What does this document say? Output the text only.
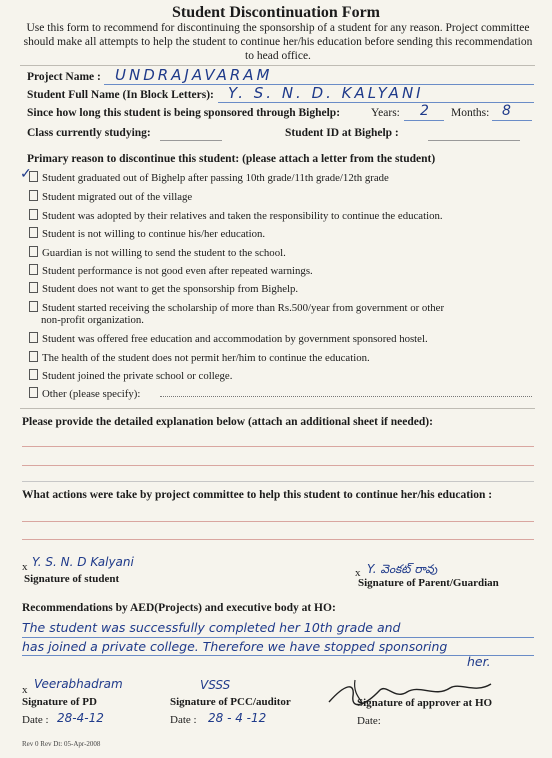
Student Discontinuation Form
Use this form to recommend for discontinuing the sponsorship of a student for any reason. Project committee should make all attempts to help the student to continue her/his education before sending this recommendation to head office.
Project Name : UNDRAJAVARAM
Student Full Name (In Block Letters): Y. S. N. D. KALYANI
Since how long this student is being sponsored through Bighelp:	Years: 2 Months: 8
Class currently studying:	Student ID at Bighelp :
Primary reason to discontinue this student: (please attach a letter from the student)
✓ Student graduated out of Bighelp after passing 10th grade/11th grade/12th grade
Student migrated out of the village
Student was adopted by their relatives and taken the responsibility to continue the education.
Student is not willing to continue his/her education.
Guardian is not willing to send the student to the school.
Student performance is not good even after repeated warnings.
Student does not want to get the sponsorship from Bighelp.
Student started receiving the scholarship of more than Rs.500/year from government or other
non-profit organization.
Student was offered free education and accommodation by government sponsored hostel.
The health of the student does not permit her/him to continue the education.
Student joined the private school or college.
Other (please specify):
Please provide the detailed explanation below (attach an additional sheet if needed):
What actions were take by project committee to help this student to continue her/his education :
x Y. S. N. D Kalyani
Signature of student	x Y. వెంకట్ రావు
Signature of Parent/Guardian
Recommendations by AED(Projects) and executive body at HO:
The student was successfully completed her 10th grade and
has joined a private college. Therefore we have stopped sponsoring
her.
x Veerabhadram
Signature of PD
Date : 28-4-12
VSSS
Signature of PCC/auditor
Date : 28 - 4 -12
Signature of approver at HO
Date:
Rev 0 Rev Dt: 05-Apr-2008
